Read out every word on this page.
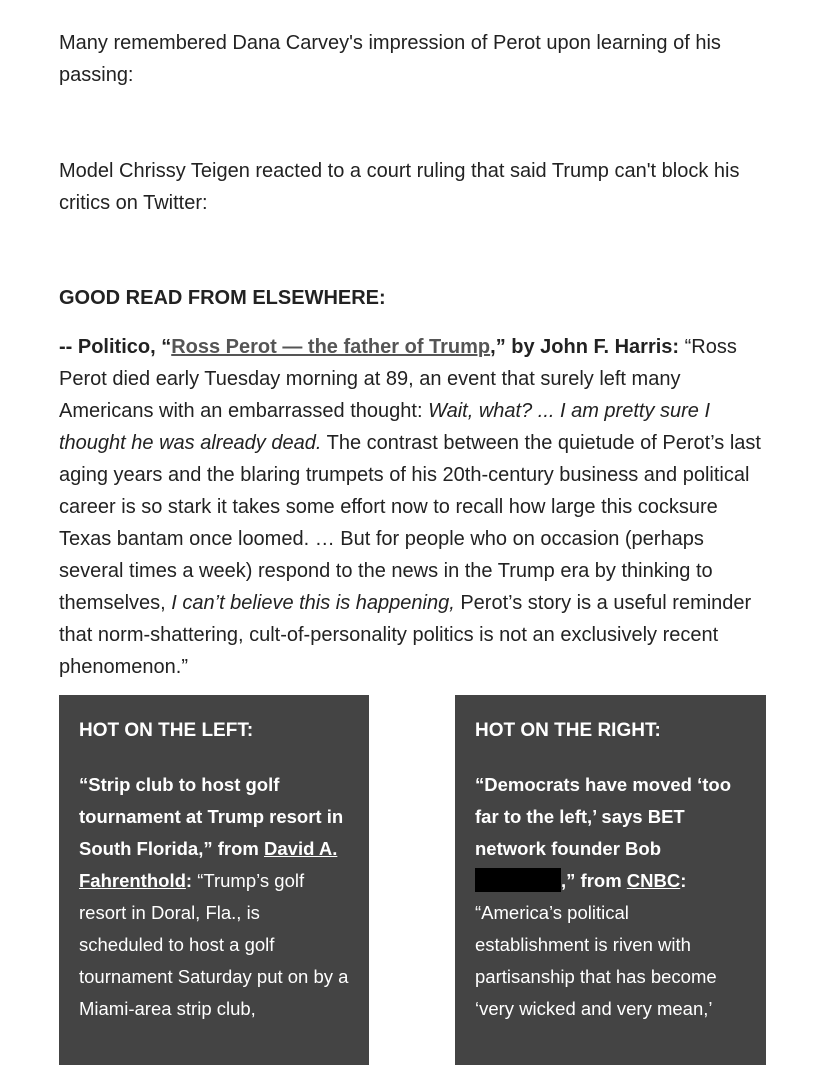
Many remembered Dana Carvey's impression of Perot upon learning of his passing:

Model Chrissy Teigen reacted to a court ruling that said Trump can't block his critics on Twitter:

GOOD READ FROM ELSEWHERE:

-- Politico, “Ross Perot — the father of Trump,” by John F. Harris: “Ross Perot died early Tuesday morning at 89, an event that surely left many Americans with an embarrassed thought: Wait, what? ... I am pretty sure I thought he was already dead. The contrast between the quietude of Perot’s last aging years and the blaring trumpets of his 20th-century business and political career is so stark it takes some effort now to recall how large this cocksure Texas bantam once loomed. … But for people who on occasion (perhaps several times a week) respond to the news in the Trump era by thinking to themselves, I can’t believe this is happening, Perot’s story is a useful reminder that norm-shattering, cult-of-personality politics is not an exclusively recent phenomenon.”

HOT ON THE LEFT:

“Strip club to host golf tournament at Trump resort in South Florida,” from David A. Fahrenthold: “Trump’s golf resort in Doral, Fla., is scheduled to host a golf tournament Saturday put on by a Miami-area strip club,

HOT ON THE RIGHT:

“Democrats have moved ‘too far to the left,’ says BET network founder Bob ,” from CNBC: “America’s political establishment is riven with partisanship that has become ‘very wicked and very mean,’
